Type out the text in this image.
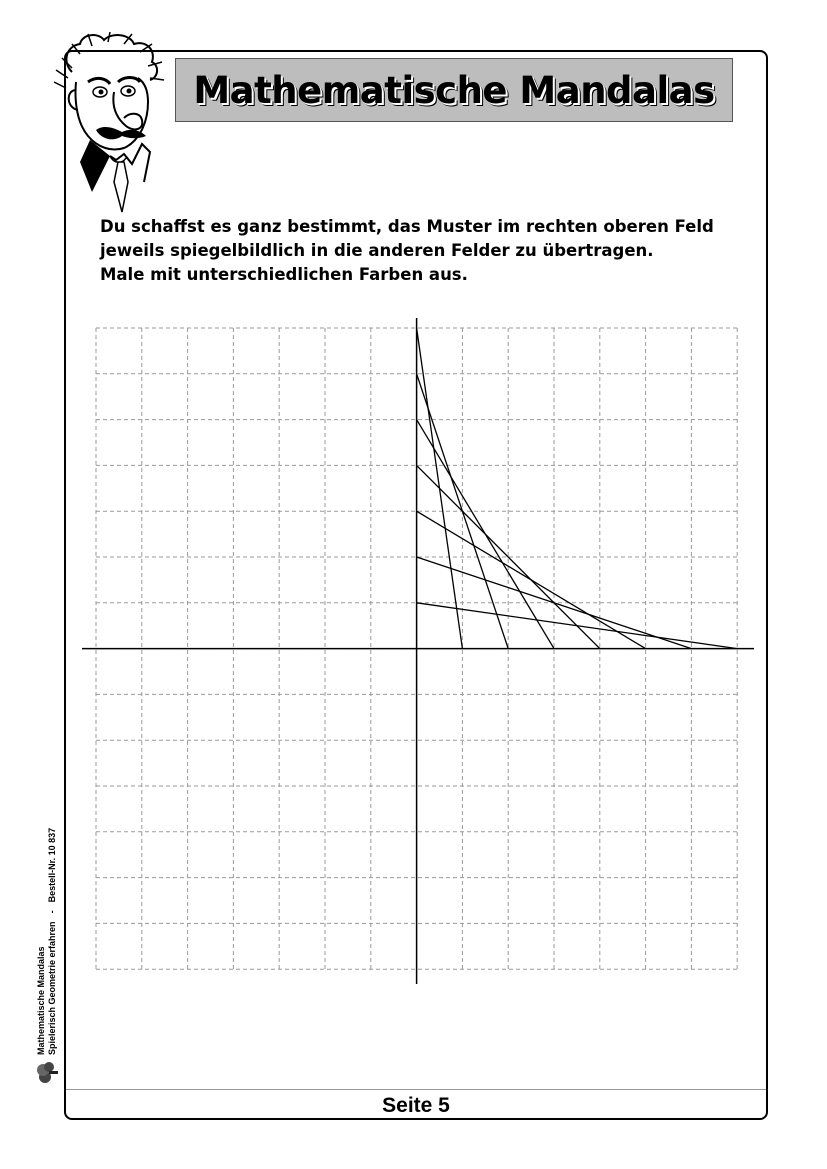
Mathematische Mandalas
Du schaffst es ganz bestimmt, das Muster im rechten oberen Feld
jeweils spiegelbildlich in die anderen Felder zu übertragen.
Male mit unterschiedlichen Farben aus.
Mathematische Mandalas Spielerisch Geometrie erfahren - Bestell-Nr. 10 837
Seite 5
